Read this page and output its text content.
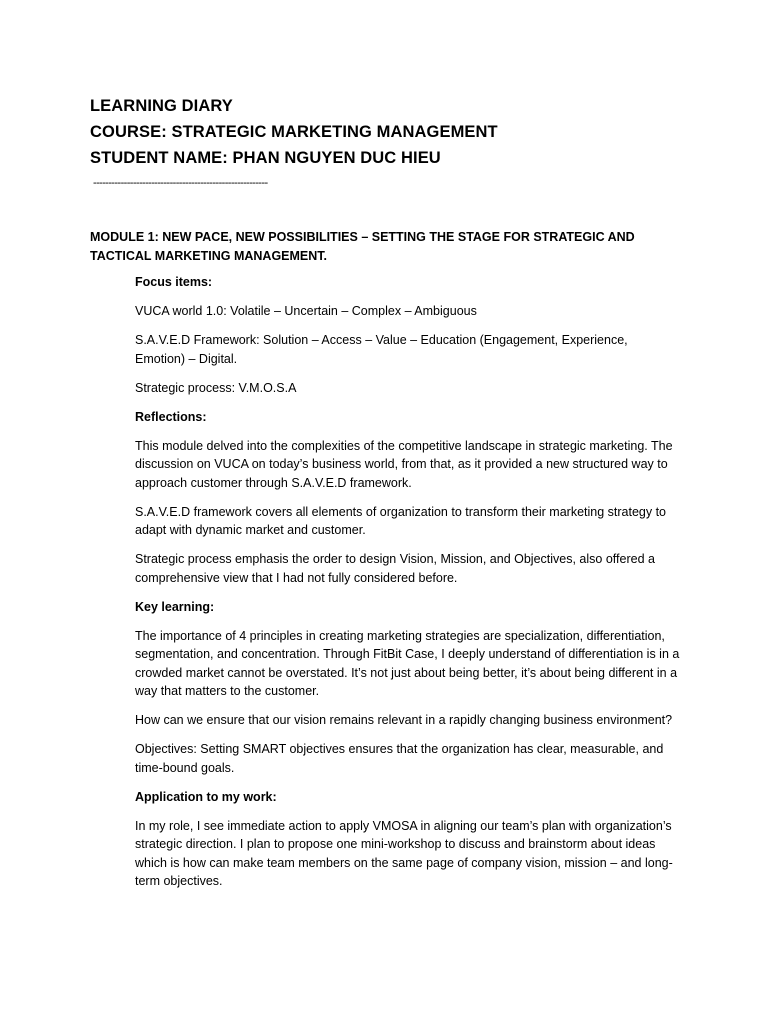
LEARNING DIARY
COURSE: STRATEGIC MARKETING MANAGEMENT
STUDENT NAME: PHAN NGUYEN DUC HIEU
---------------------------------------------------------

MODULE 1: NEW PACE, NEW POSSIBILITIES – SETTING THE STAGE FOR STRATEGIC AND TACTICAL MARKETING MANAGEMENT.

Focus items:

VUCA world 1.0: Volatile – Uncertain – Complex – Ambiguous

S.A.V.E.D Framework: Solution – Access – Value – Education (Engagement, Experience, Emotion) – Digital.

Strategic process: V.M.O.S.A

Reflections:

This module delved into the complexities of the competitive landscape in strategic marketing. The discussion on VUCA on today’s business world, from that, as it provided a new structured way to approach customer through S.A.V.E.D framework.

S.A.V.E.D framework covers all elements of organization to transform their marketing strategy to adapt with dynamic market and customer.

Strategic process emphasis the order to design Vision, Mission, and Objectives, also offered a comprehensive view that I had not fully considered before.

Key learning:

The importance of 4 principles in creating marketing strategies are specialization, differentiation, segmentation, and concentration. Through FitBit Case, I deeply understand of differentiation is in a crowded market cannot be overstated. It’s not just about being better, it’s about being different in a way that matters to the customer.

How can we ensure that our vision remains relevant in a rapidly changing business environment?

Objectives: Setting SMART objectives ensures that the organization has clear, measurable, and time-bound goals.

Application to my work:

In my role, I see immediate action to apply VMOSA in aligning our team’s plan with organization’s strategic direction. I plan to propose one mini-workshop to discuss and brainstorm about ideas which is how can make team members on the same page of company vision, mission – and long-term objectives.
